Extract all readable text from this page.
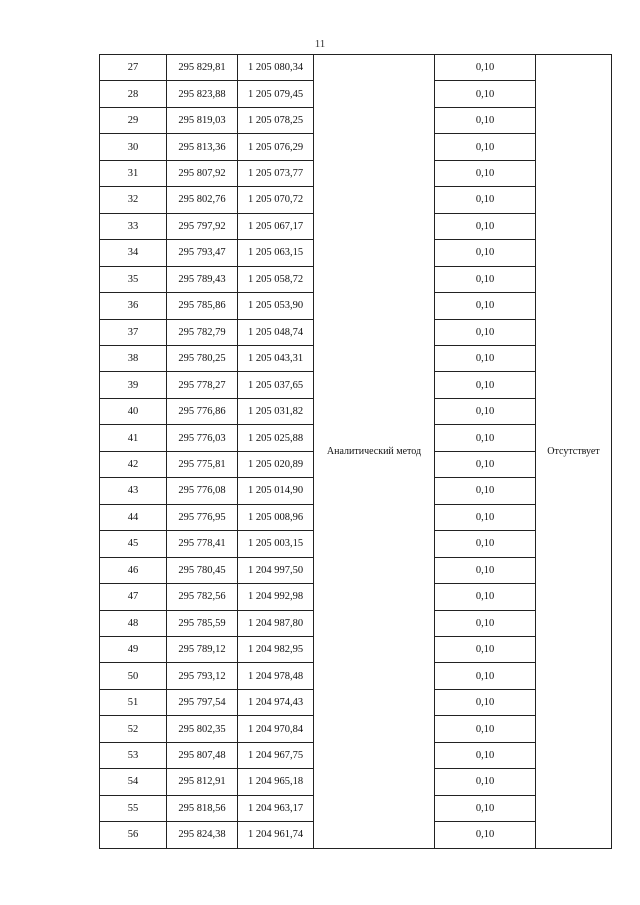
11
27	295 829,81	1 205 080,34	Аналитический метод	0,10	Отсутствует
28	295 823,88	1 205 079,45		0,10	
29	295 819,03	1 205 078,25		0,10	
30	295 813,36	1 205 076,29		0,10	
31	295 807,92	1 205 073,77		0,10	
32	295 802,76	1 205 070,72		0,10	
33	295 797,92	1 205 067,17		0,10	
34	295 793,47	1 205 063,15		0,10	
35	295 789,43	1 205 058,72		0,10	
36	295 785,86	1 205 053,90		0,10	
37	295 782,79	1 205 048,74		0,10	
38	295 780,25	1 205 043,31		0,10	
39	295 778,27	1 205 037,65		0,10	
40	295 776,86	1 205 031,82		0,10	
41	295 776,03	1 205 025,88		0,10	
42	295 775,81	1 205 020,89		0,10	
43	295 776,08	1 205 014,90		0,10	
44	295 776,95	1 205 008,96		0,10	
45	295 778,41	1 205 003,15		0,10	
46	295 780,45	1 204 997,50		0,10	
47	295 782,56	1 204 992,98		0,10	
48	295 785,59	1 204 987,80		0,10	
49	295 789,12	1 204 982,95		0,10	
50	295 793,12	1 204 978,48		0,10	
51	295 797,54	1 204 974,43		0,10	
52	295 802,35	1 204 970,84		0,10	
53	295 807,48	1 204 967,75		0,10	
54	295 812,91	1 204 965,18		0,10	
55	295 818,56	1 204 963,17		0,10	
56	295 824,38	1 204 961,74		0,10	
